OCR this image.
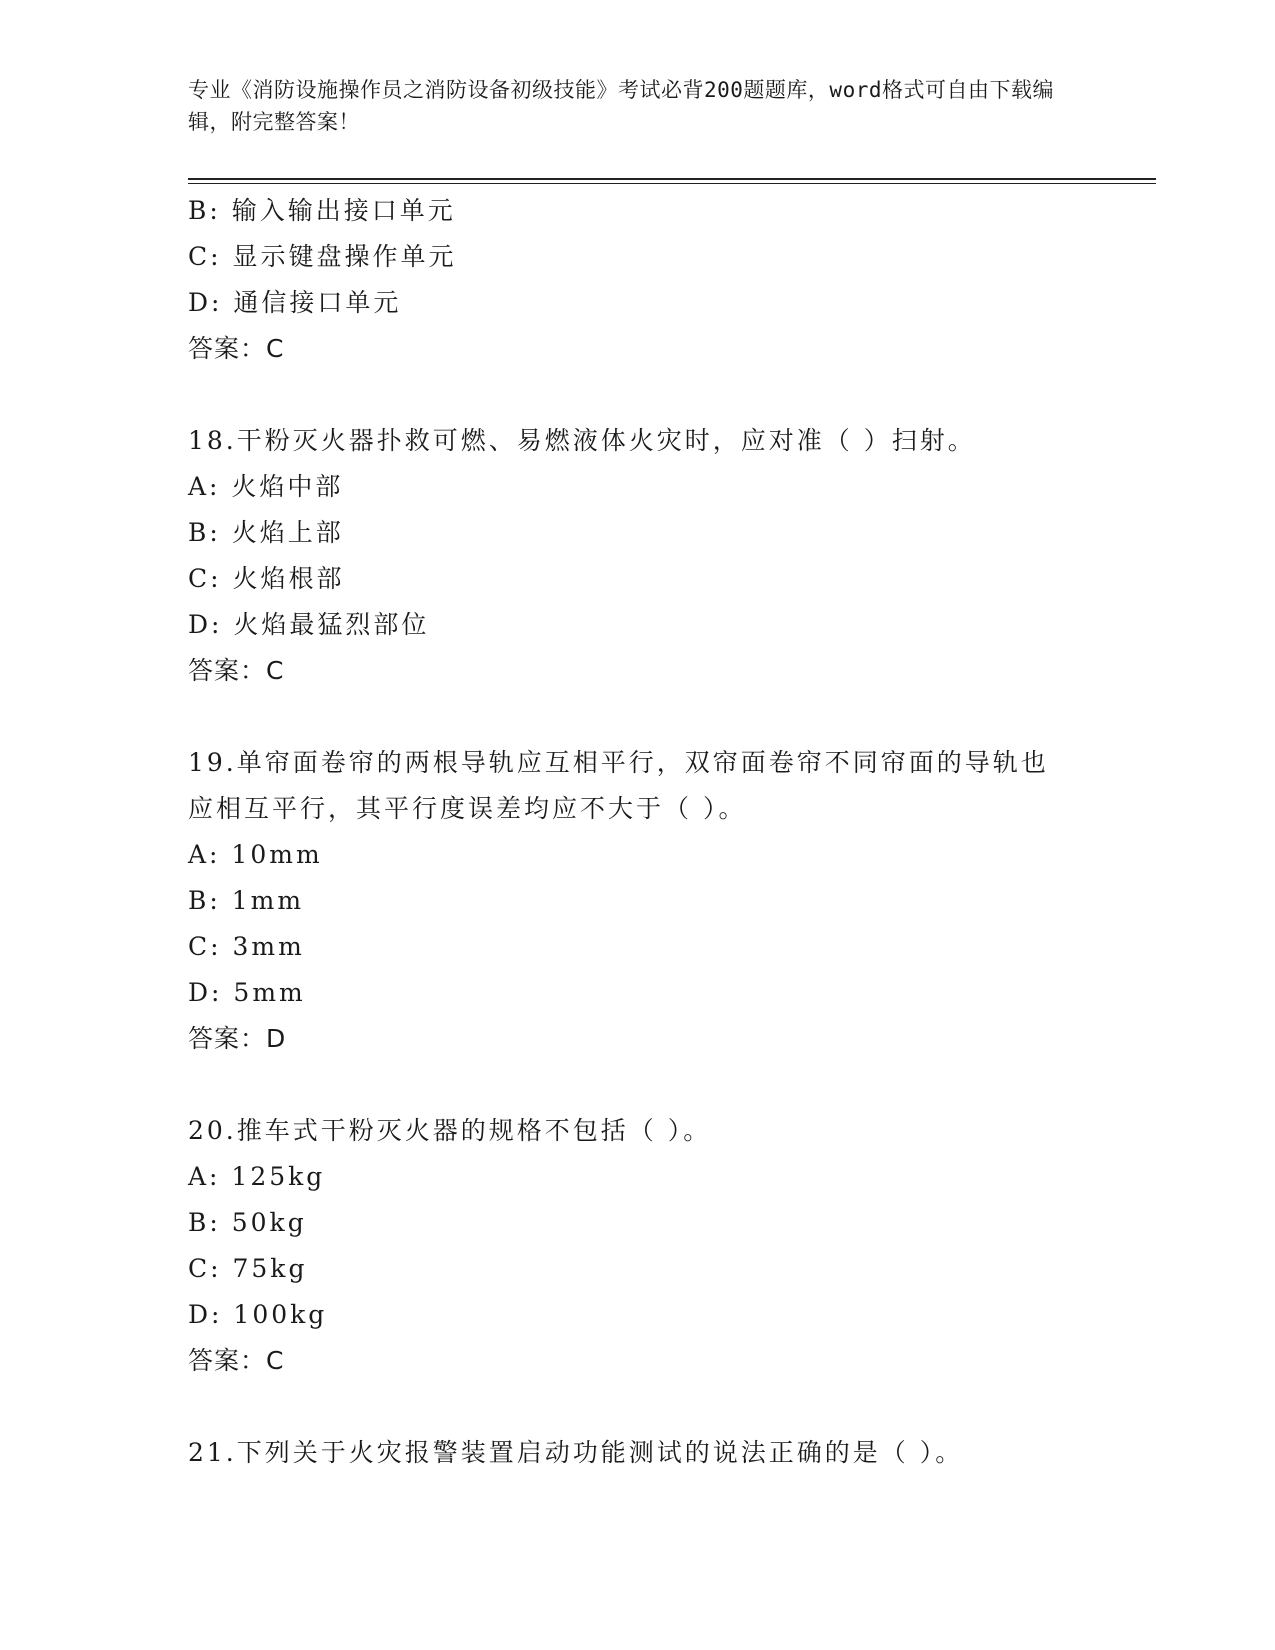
专业《消防设施操作员之消防设备初级技能》考试必背200题题库，word格式可自由下载编辑，附完整答案！
B: 输入输出接口单元
C: 显示键盘操作单元
D: 通信接口单元
答案：C
18.干粉灭火器扑救可燃、易燃液体火灾时，应对准（ ）扫射。
A: 火焰中部
B: 火焰上部
C: 火焰根部
D: 火焰最猛烈部位
答案：C
19.单帘面卷帘的两根导轨应互相平行，双帘面卷帘不同帘面的导轨也
应相互平行，其平行度误差均应不大于（ ）。
A: 10mm
B: 1mm
C: 3mm
D: 5mm
答案：D
20.推车式干粉灭火器的规格不包括（ ）。
A: 125kg
B: 50kg
C: 75kg
D: 100kg
答案：C
21.下列关于火灾报警装置启动功能测试的说法正确的是（ ）。
